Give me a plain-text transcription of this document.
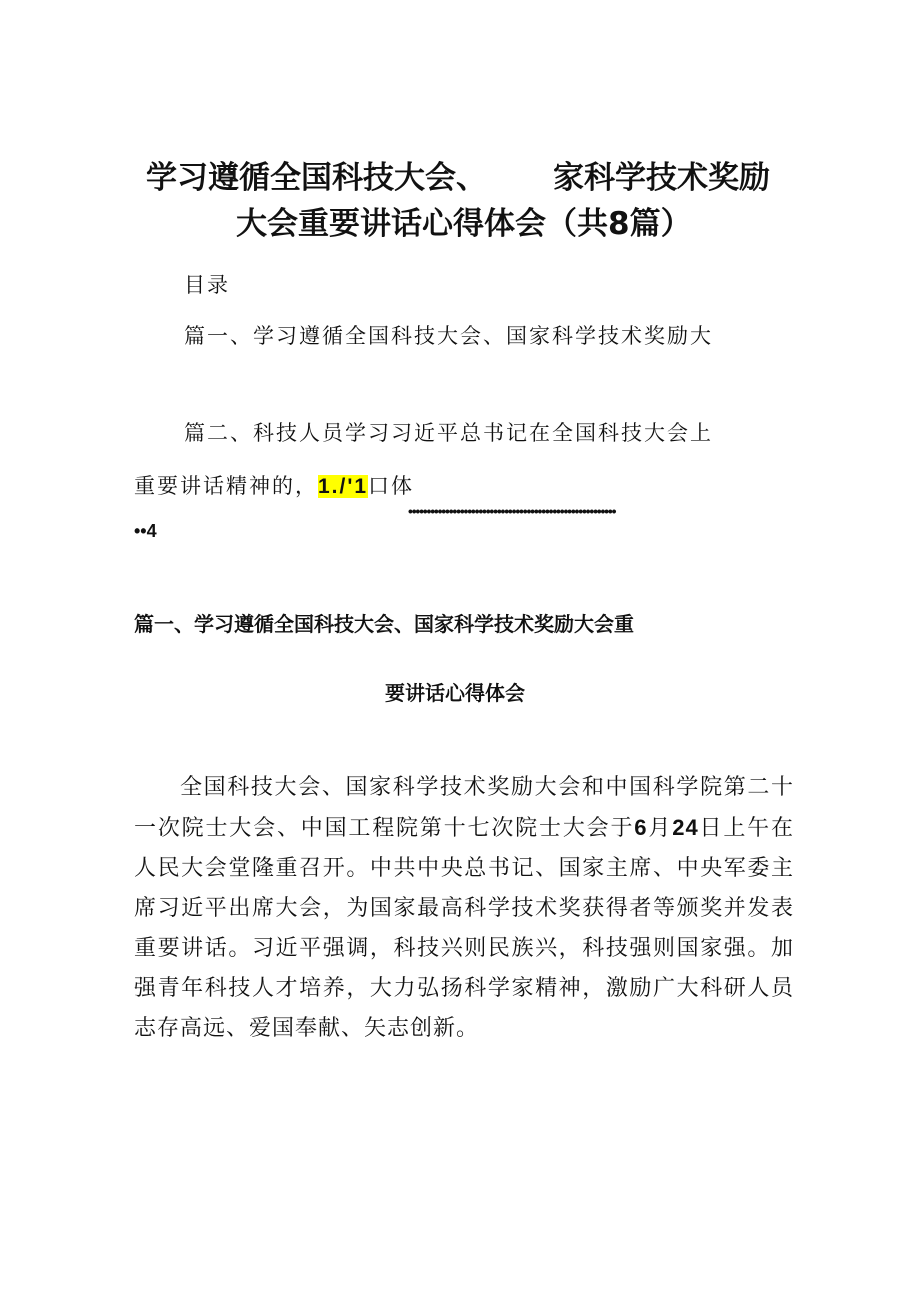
学习遵循全国科技大会、 家科学技术奖励
大会重要讲话心得体会（共8篇）
目录
篇一、学习遵循全国科技大会、国家科学技术奖励大
篇二、科技人员学习习近平总书记在全国科技大会上
重要讲话精神的，1./'1口体
••••••••••••••••••••••••••••••••••••••••••••••••••••••••
••4
篇一、学习遵循全国科技大会、国家科学技术奖励大会重
要讲话心得体会
全国科技大会、国家科学技术奖励大会和中国科学院第二十一次院士大会、中国工程院第十七次院士大会于6月24日上午在人民大会堂隆重召开。中共中央总书记、国家主席、中央军委主席习近平出席大会，为国家最高科学技术奖获得者等颁奖并发表重要讲话。习近平强调，科技兴则民族兴，科技强则国家强。加强青年科技人才培养，大力弘扬科学家精神，激励广大科研人员志存高远、爱国奉献、矢志创新。
